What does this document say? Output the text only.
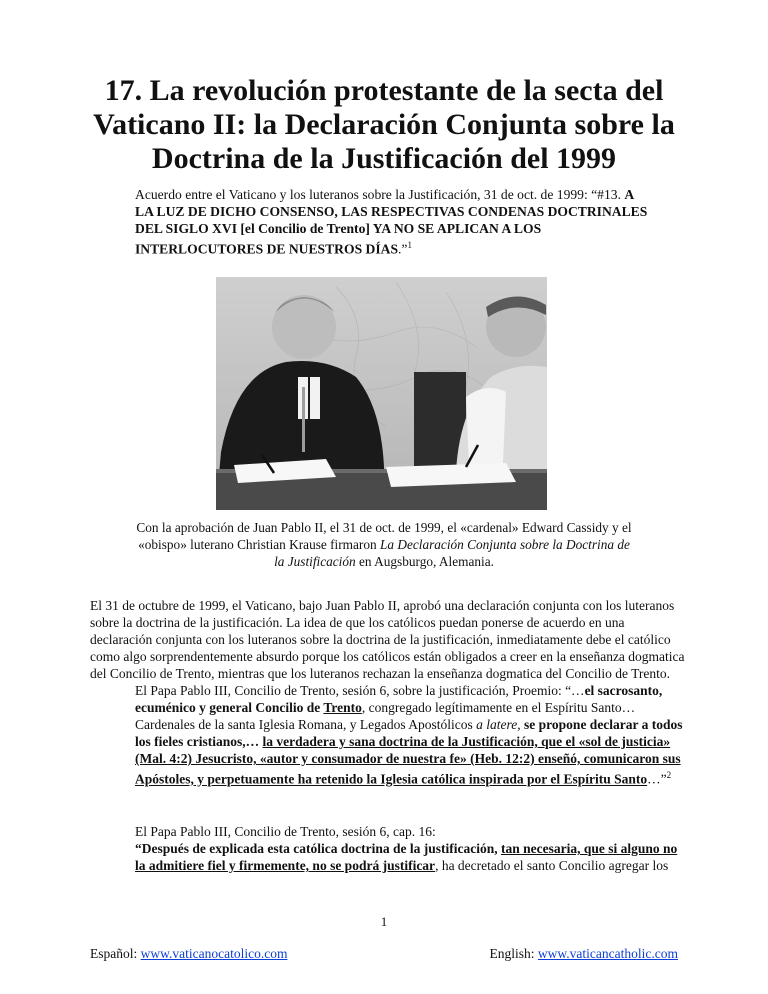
17. La revolución protestante de la secta del Vaticano II: la Declaración Conjunta sobre la Doctrina de la Justificación del 1999
Acuerdo entre el Vaticano y los luteranos sobre la Justificación, 31 de oct. de 1999: “#13. A LA LUZ DE DICHO CONSENSO, LAS RESPECTIVAS CONDENAS DOCTRINALES DEL SIGLO XVI [el Concilio de Trento] YA NO SE APLICAN A LOS INTERLOCUTORES DE NUESTROS DÍAS.”$^1$
Con la aprobación de Juan Pablo II, el 31 de oct. de 1999, el «cardenal» Edward Cassidy y el «obispo» luterano Christian Krause firmaron La Declaración Conjunta sobre la Doctrina de la Justificación en Augsburgo, Alemania.

El 31 de octubre de 1999, el Vaticano, bajo Juan Pablo II, aprobó una declaración conjunta con los luteranos sobre la doctrina de la justificación. La idea de que los católicos puedan ponerse de acuerdo en una declaración conjunta con los luteranos sobre la doctrina de la justificación, inmediatamente debe el católico como algo sorprendentemente absurdo porque los católicos están obligados a creer en la enseñanza dogmatica del Concilio de Trento, mientras que los luteranos rechazan la enseñanza dogmatica del Concilio de Trento.

El Papa Pablo III, Concilio de Trento, sesión 6, sobre la justificación, Proemio: “…el sacrosanto, ecuménico y general Concilio de Trento, congregado legítimamente en el Espíritu Santo… Cardenales de la santa Iglesia Romana, y Legados Apostólicos a latere, se propone declarar a todos los fieles cristianos,… la verdadera y sana doctrina de la Justificación, que el «sol de justicia» (Mal. 4:2) Jesucristo, «autor y consumador de nuestra fe» (Heb. 12:2) enseñó, comunicaron sus Apóstoles, y perpetuamente ha retenido la Iglesia católica inspirada por el Espíritu Santo…”$^2$
El Papa Pablo III, Concilio de Trento, sesión 6, cap. 16:
“Después de explicada esta católica doctrina de la justificación, tan necesaria, que si alguno no la admitiere fiel y firmemente, no se podrá justificar, ha decretado el santo Concilio agregar los
1
Español: www.vaticanocatolico.com	English: www.vaticancatholic.com
